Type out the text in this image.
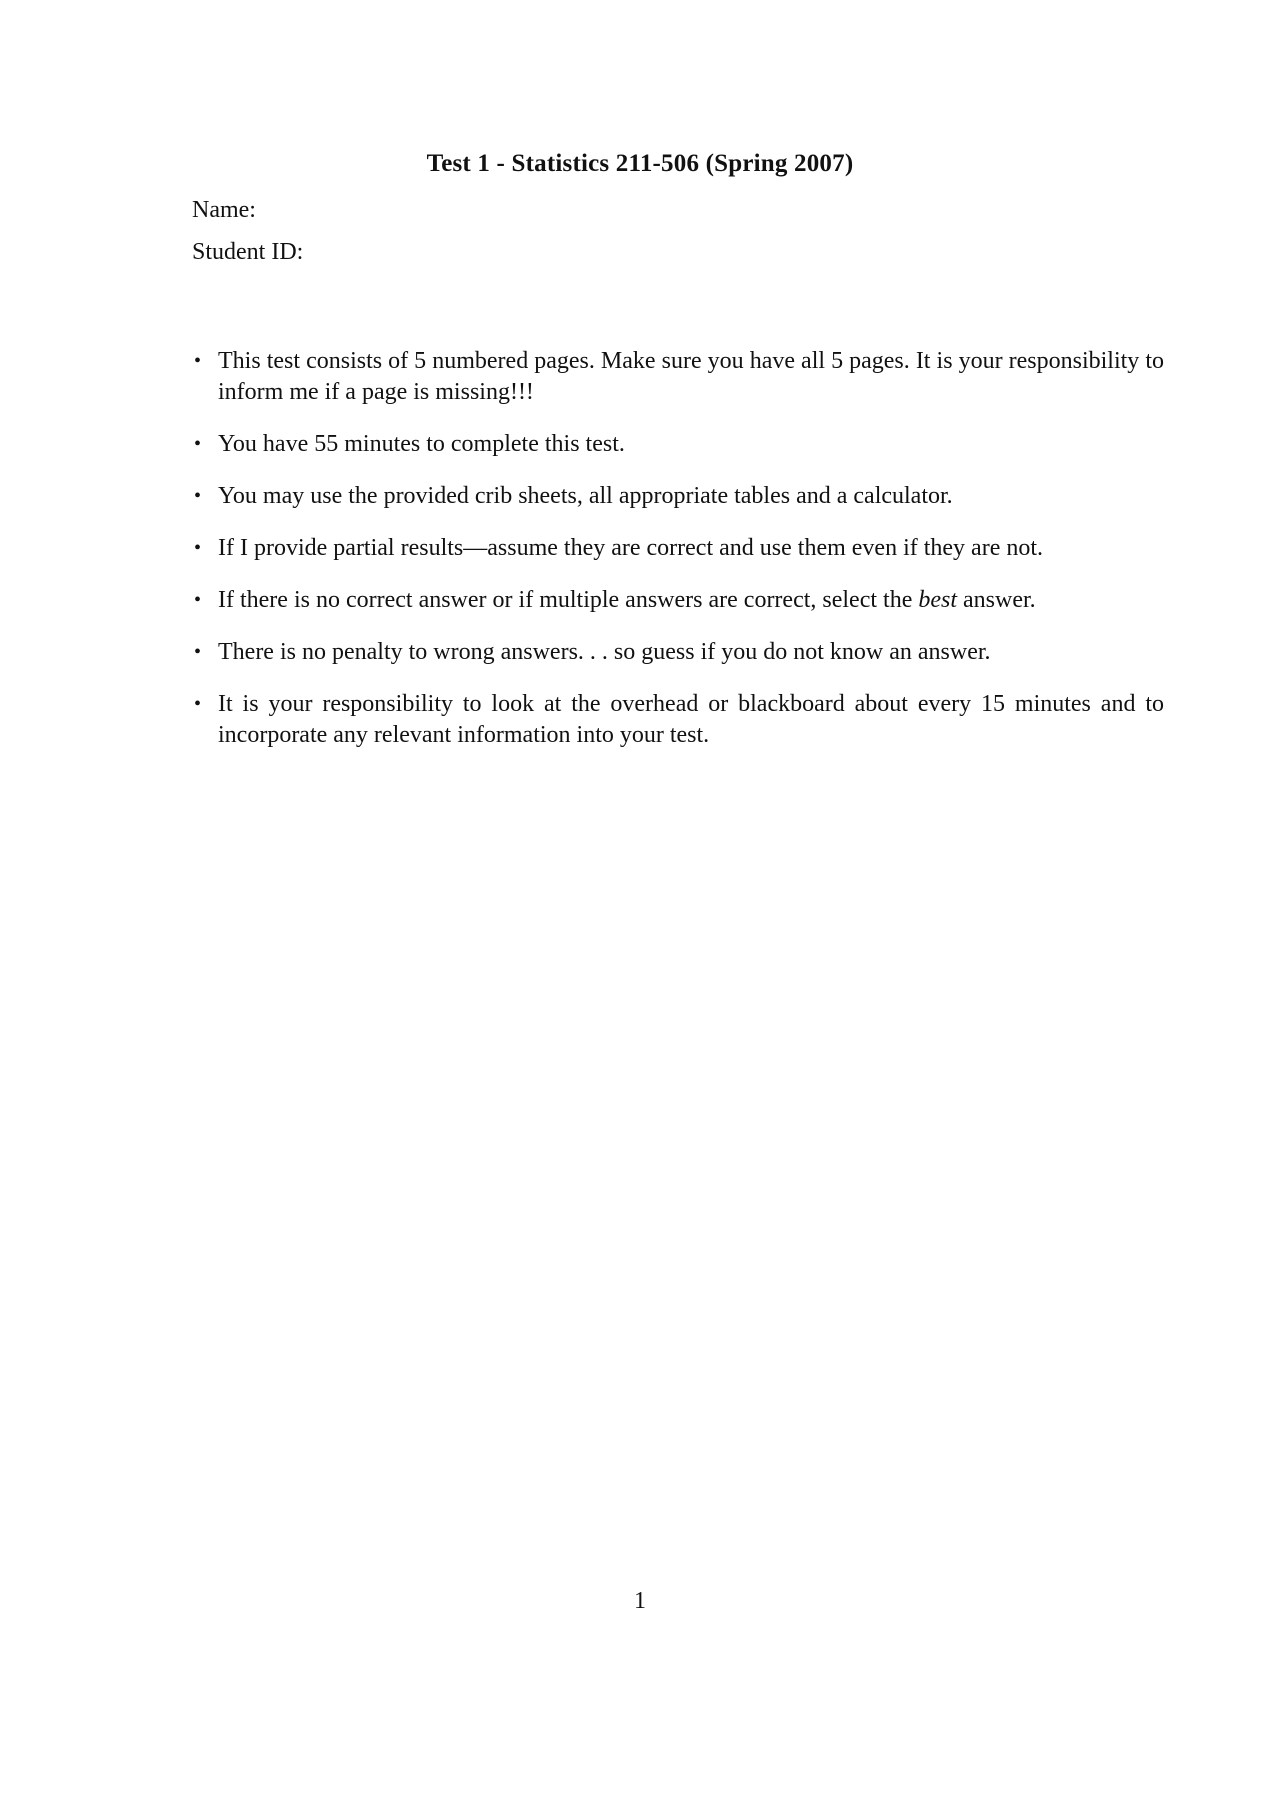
Test 1 - Statistics 211-506 (Spring 2007)
Name:
Student ID:
• This test consists of 5 numbered pages. Make sure you have all 5 pages. It is your responsibility to inform me if a page is missing!!!
• You have 55 minutes to complete this test.
• You may use the provided crib sheets, all appropriate tables and a calculator.
• If I provide partial results—assume they are correct and use them even if they are not.
• If there is no correct answer or if multiple answers are correct, select the best answer.
• There is no penalty to wrong answers. . . so guess if you do not know an answer.
• It is your responsibility to look at the overhead or blackboard about every 15 minutes and to incorporate any relevant information into your test.
1
